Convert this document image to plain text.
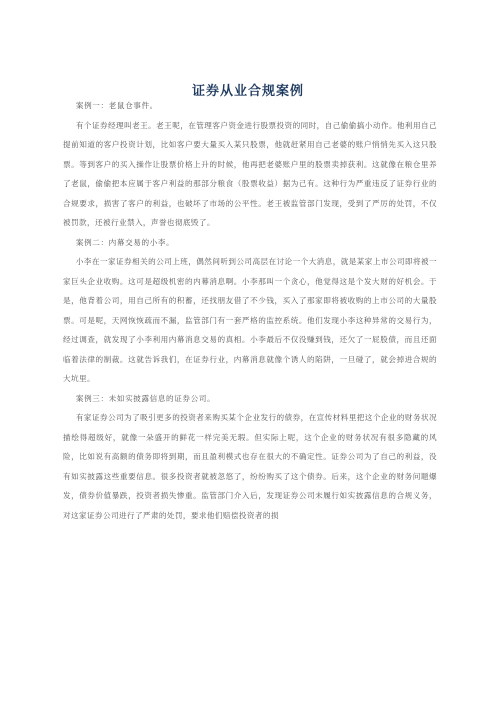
证券从业合规案例

案例一：老鼠仓事件。

有个证券经理叫老王。老王呢，在管理客户资金进行股票投资的同时，自己偷偷搞小动作。他利用自己提前知道的客户投资计划，比如客户要大量买入某只股票，他就赶紧用自己老婆的账户悄悄先买入这只股票。等到客户的买入操作让股票价格上升的时候，他再把老婆账户里的股票卖掉获利。这就像在粮仓里养了老鼠，偷偷把本应属于客户利益的那部分粮食（股票收益）据为己有。这种行为严重违反了证券行业的合规要求，损害了客户的利益，也破坏了市场的公平性。老王被监管部门发现，受到了严厉的处罚，不仅被罚款，还被行业禁入，声誉也彻底毁了。

案例二：内幕交易的小李。

小李在一家证券相关的公司上班，偶然间听到公司高层在讨论一个大消息，就是某家上市公司即将被一家巨头企业收购。这可是超级机密的内幕消息啊。小李那叫一个贪心，他觉得这是个发大财的好机会。于是，他背着公司，用自己所有的积蓄，还找朋友借了不少钱，买入了那家即将被收购的上市公司的大量股票。可是呢，天网恢恢疏而不漏，监管部门有一套严格的监控系统。他们发现小李这种异常的交易行为，经过调查，就发现了小李利用内幕消息交易的真相。小李最后不仅没赚到钱，还欠了一屁股债，而且还面临着法律的制裁。这就告诉我们，在证券行业，内幕消息就像个诱人的陷阱，一旦碰了，就会掉进合规的大坑里。

案例三：未如实披露信息的证券公司。

有家证券公司为了吸引更多的投资者来购买某个企业发行的债券，在宣传材料里把这个企业的财务状况描绘得超级好，就像一朵盛开的鲜花一样完美无瑕。但实际上呢，这个企业的财务状况有很多隐藏的风险，比如说有高额的债务即将到期，而且盈利模式也存在很大的不确定性。证券公司为了自己的利益，没有如实披露这些重要信息。很多投资者就被忽悠了，纷纷购买了这个债券。后来，这个企业的财务问题爆发，债券价值暴跌，投资者损失惨重。监管部门介入后，发现证券公司未履行如实披露信息的合规义务，对这家证券公司进行了严肃的处罚，要求他们赔偿投资者的损
